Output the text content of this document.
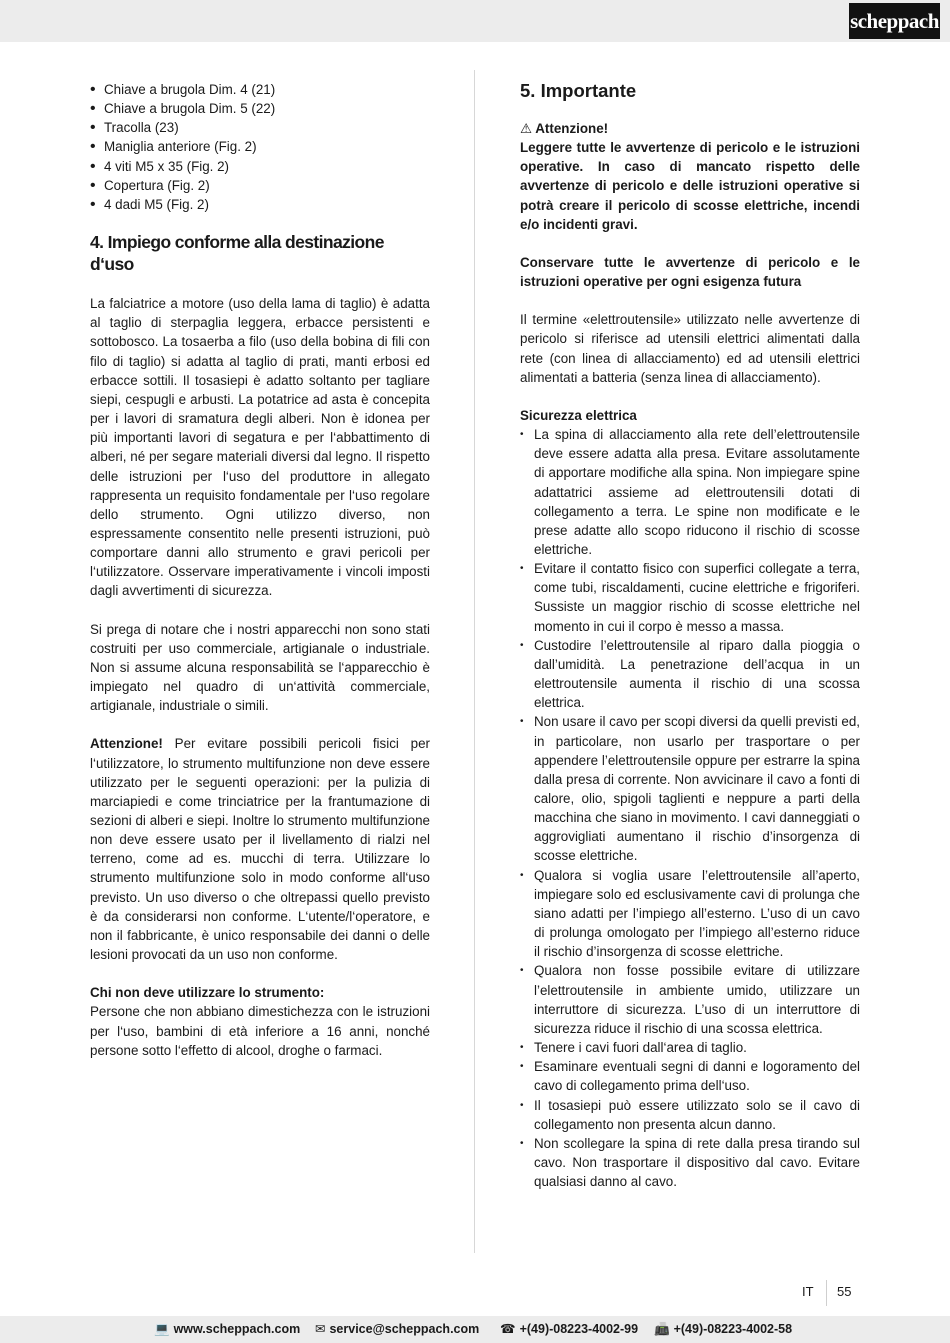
scheppach
• Chiave a brugola Dim. 4 (21)
• Chiave a brugola Dim. 5 (22)
• Tracolla (23)
• Maniglia anteriore (Fig. 2)
• 4 viti M5 x 35 (Fig. 2)
• Copertura (Fig. 2)
• 4 dadi M5 (Fig. 2)
4. Impiego conforme alla destinazione d‘uso

La falciatrice a motore (uso della lama di taglio) è adatta al taglio di sterpaglia leggera, erbacce persistenti e sottobosco. La tosaerba a filo (uso della bobina di fili con filo di taglio) si adatta al taglio di prati, manti erbosi ed erbacce sottili. Il tosasiepi è adatto soltanto per tagliare siepi, cespugli e arbusti. La potatrice ad asta è concepita per i lavori di sramatura degli alberi. Non è idonea per più importanti lavori di segatura e per l‘abbattimento di alberi, né per segare materiali diversi dal legno. Il rispetto delle istruzioni per l‘uso del produttore in allegato rappresenta un requisito fondamentale per l‘uso regolare dello strumento. Ogni utilizzo diverso, non espressamente consentito nelle presenti istruzioni, può comportare danni allo strumento e gravi pericoli per l‘utilizzatore. Osservare imperativamente i vincoli imposti dagli avvertimenti di sicurezza.

Si prega di notare che i nostri apparecchi non sono stati costruiti per uso commerciale, artigianale o industriale. Non si assume alcuna responsabilità se l‘apparecchio è impiegato nel quadro di un‘attività commerciale, artigianale, industriale o simili.

Attenzione! Per evitare possibili pericoli fisici per l‘utilizzatore, lo strumento multifunzione non deve essere utilizzato per le seguenti operazioni: per la pulizia di marciapiedi e come trinciatrice per la frantumazione di sezioni di alberi e siepi. Inoltre lo strumento multifunzione non deve essere usato per il livellamento di rialzi nel terreno, come ad es. mucchi di terra. Utilizzare lo strumento multifunzione solo in modo conforme all‘uso previsto. Un uso diverso o che oltrepassi quello previsto è da considerarsi non conforme. L‘utente/l‘operatore, e non il fabbricante, è unico responsabile dei danni o delle lesioni provocati da un uso non conforme.

Chi non deve utilizzare lo strumento:

Persone che non abbiano dimestichezza con le istruzioni per l‘uso, bambini di età inferiore a 16 anni, nonché persone sotto l‘effetto di alcool, droghe o farmaci.

5. Importante

⚠ Attenzione!

Leggere tutte le avvertenze di pericolo e le istruzioni operative. In caso di mancato rispetto delle avvertenze di pericolo e delle istruzioni operative si potrà creare il pericolo di scosse elettriche, incendi e/o incidenti gravi.

Conservare tutte le avvertenze di pericolo e le istruzioni operative per ogni esigenza futura

Il termine «elettroutensile» utilizzato nelle avvertenze di pericolo si riferisce ad utensili elettrici alimentati dalla rete (con linea di allacciamento) ed ad utensili elettrici alimentati a batteria (senza linea di allacciamento).

Sicurezza elettrica

• La spina di allacciamento alla rete dell’elettroutensile deve essere adatta alla presa. Evitare assolutamente di apportare modifiche alla spina. Non impiegare spine adattatrici assieme ad elettroutensili dotati di collegamento a terra. Le spine non modificate e le prese adatte allo scopo riducono il rischio di scosse elettriche.
• Evitare il contatto fisico con superfici collegate a terra, come tubi, riscaldamenti, cucine elettriche e frigoriferi. Sussiste un maggior rischio di scosse elettriche nel momento in cui il corpo è messo a massa.
• Custodire l’elettroutensile al riparo dalla pioggia o dall’umidità. La penetrazione dell’acqua in un elettroutensile aumenta il rischio di una scossa elettrica.
• Non usare il cavo per scopi diversi da quelli previsti ed, in particolare, non usarlo per trasportare o per appendere l’elettroutensile oppure per estrarre la spina dalla presa di corrente. Non avvicinare il cavo a fonti di calore, olio, spigoli taglienti e neppure a parti della macchina che siano in movimento. I cavi danneggiati o aggrovigliati aumentano il rischio d’insorgenza di scosse elettriche.
• Qualora si voglia usare l’elettroutensile all’aperto, impiegare solo ed esclusivamente cavi di prolunga che siano adatti per l’impiego all’esterno. L’uso di un cavo di prolunga omologato per l’impiego all’esterno riduce il rischio d’insorgenza di scosse elettriche.
• Qualora non fosse possibile evitare di utilizzare l’elettroutensile in ambiente umido, utilizzare un interruttore di sicurezza. L’uso di un interruttore di sicurezza riduce il rischio di una scossa elettrica.
• Tenere i cavi fuori dall‘area di taglio.
• Esaminare eventuali segni di danni e logoramento del cavo di collegamento prima dell‘uso.
• Il tosasiepi può essere utilizzato solo se il cavo di collegamento non presenta alcun danno.
• Non scollegare la spina di rete dalla presa tirando sul cavo. Non trasportare il dispositivo dal cavo. Evitare qualsiasi danno al cavo.
IT 55
💻 www.scheppach.com ✉ service@scheppach.com ☎ +(49)-08223-4002-99 📠 +(49)-08223-4002-58
